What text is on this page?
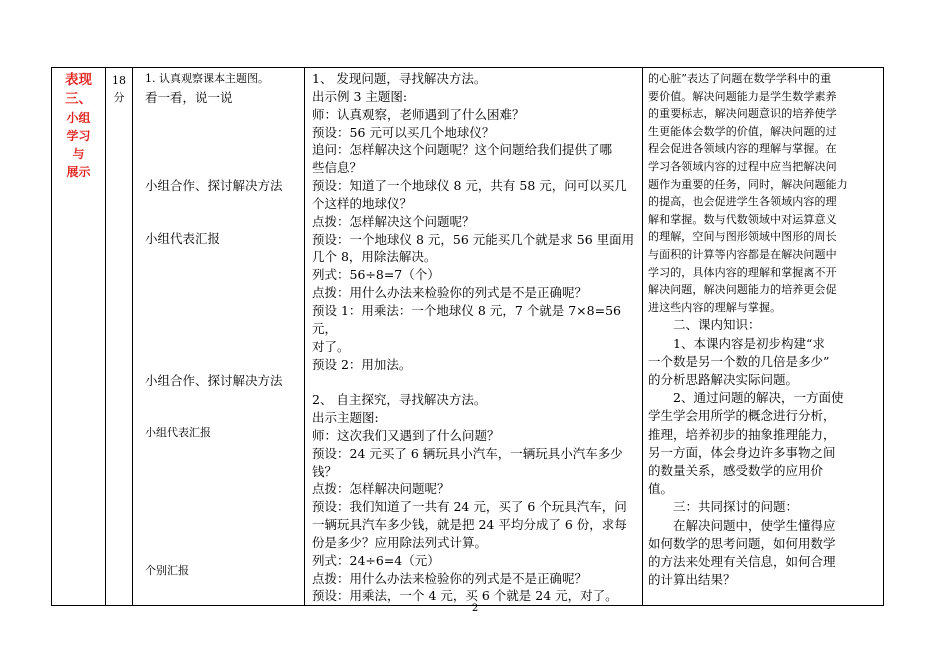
表现
三、
小组
学习
与
展示

18
分

1. 认真观察课本主题图。
看一看，说一说
小组合作、探讨解决方法
小组代表汇报
小组合作、探讨解决方法
小组代表汇报
个别汇报

1、 发现问题，寻找解决方法。
出示例 3 主题图:
师：认真观察，老师遇到了什么困难？
预设：56 元可以买几个地球仪？
追问：怎样解决这个问题呢？这个问题给我们提供了哪
些信息？
预设：知道了一个地球仪 8 元，共有 58 元，问可以买几
个这样的地球仪？
点拨：怎样解决这个问题呢？
预设：一个地球仪 8 元，56 元能买几个就是求 56 里面用
几个 8，用除法解决。
列式：56÷8=7（个）
点拨：用什么办法来检验你的列式是不是正确呢？
预设 1：用乘法：一个地球仪 8 元，7 个就是 7×8=56 元，
对了。
预设 2：用加法。

2、 自主探究，寻找解决方法。
出示主题图:
师：这次我们又遇到了什么问题？
预设：24 元买了 6 辆玩具小汽车，一辆玩具小汽车多少
钱？
点拨：怎样解决问题呢？
预设：我们知道了一共有 24 元，买了 6 个玩具汽车，问
一辆玩具汽车多少钱，就是把 24 平均分成了 6 份，求每
份是多少？应用除法列式计算。
列式：24÷6=4（元）
点拨：用什么办法来检验你的列式是不是正确呢？
预设：用乘法，一个 4 元，买 6 个就是 24 元，对了。

的心脏”表达了问题在数学学科中的重
要价值。解决问题能力是学生数学素养
的重要标志，解决问题意识的培养使学
生更能体会数学的价值，解决问题的过
程会促进各领域内容的理解与掌握。在
学习各领域内容的过程中应当把解决问
题作为重要的任务，同时，解决问题能力
的提高，也会促进学生各领域内容的理
解和掌握。数与代数领域中对运算意义
的理解，空间与图形领域中图形的周长
与面积的计算等内容都是在解决问题中
学习的，具体内容的理解和掌握离不开
解决问题，解决问题能力的培养更会促
进这些内容的理解与掌握。
　　二、课内知识：
　　1、本课内容是初步构建“求
一个数是另一个数的几倍是多少”
的分析思路解决实际问题。
　　2、通过问题的解决，一方面使
学生学会用所学的概念进行分析，
推理，培养初步的抽象推理能力，
另一方面，体会身边许多事物之间
的数量关系，感受数学的应用价
值。
　　三：共同探讨的问题：
　　在解决问题中，使学生懂得应
如何数学的思考问题，如何用数学
的方法来处理有关信息，如何合理
的计算出结果？
2
